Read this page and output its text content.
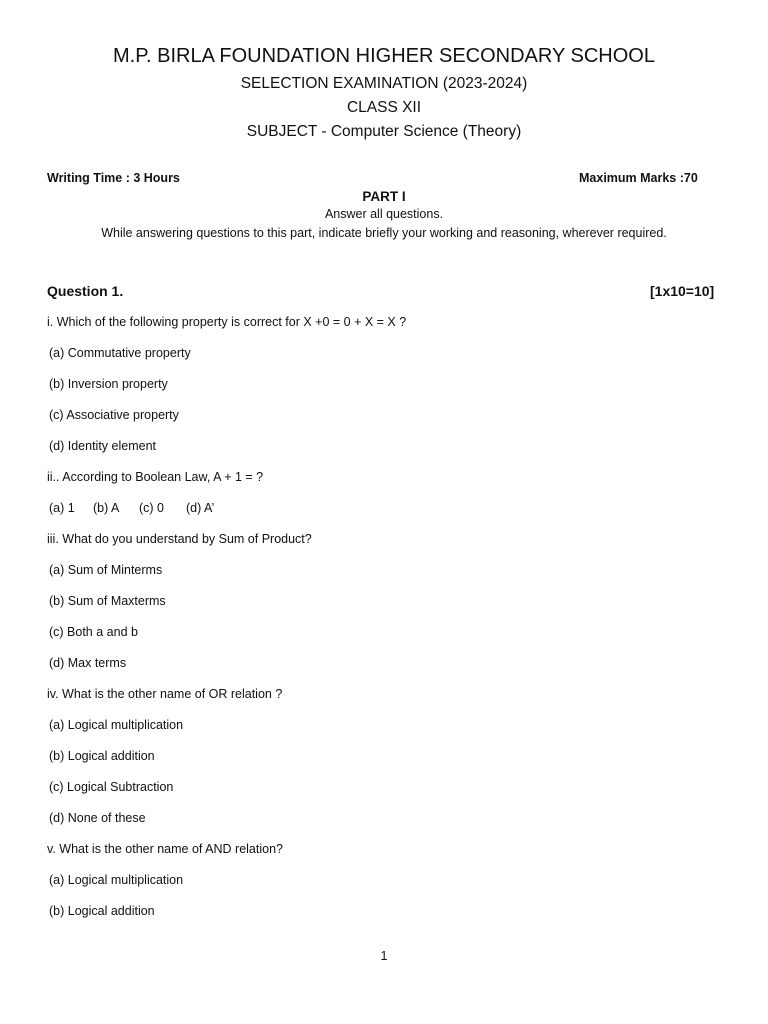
M.P. BIRLA FOUNDATION HIGHER SECONDARY SCHOOL
SELECTION EXAMINATION (2023-2024)
CLASS XII
SUBJECT - Computer Science (Theory)
Writing Time : 3 Hours	Maximum Marks :70
PART I
Answer all questions.
While answering questions to this part, indicate briefly your working and reasoning, wherever required.
Question 1.	[1x10=10]
i. Which of the following property is correct for X +0 = 0 + X = X ?
(a) Commutative property
(b) Inversion property
(c) Associative property
(d) Identity element
ii.. According to Boolean Law, A + 1 = ?
(a) 1 (b) A (c) 0 (d) A’
iii. What do you understand by Sum of Product?
(a) Sum of Minterms
(b) Sum of Maxterms
(c) Both a and b
(d) Max terms
iv. What is the other name of OR relation ?
(a) Logical multiplication
(b) Logical addition
(c) Logical Subtraction
(d) None of these
v. What is the other name of AND relation?
(a) Logical multiplication
(b) Logical addition
1
